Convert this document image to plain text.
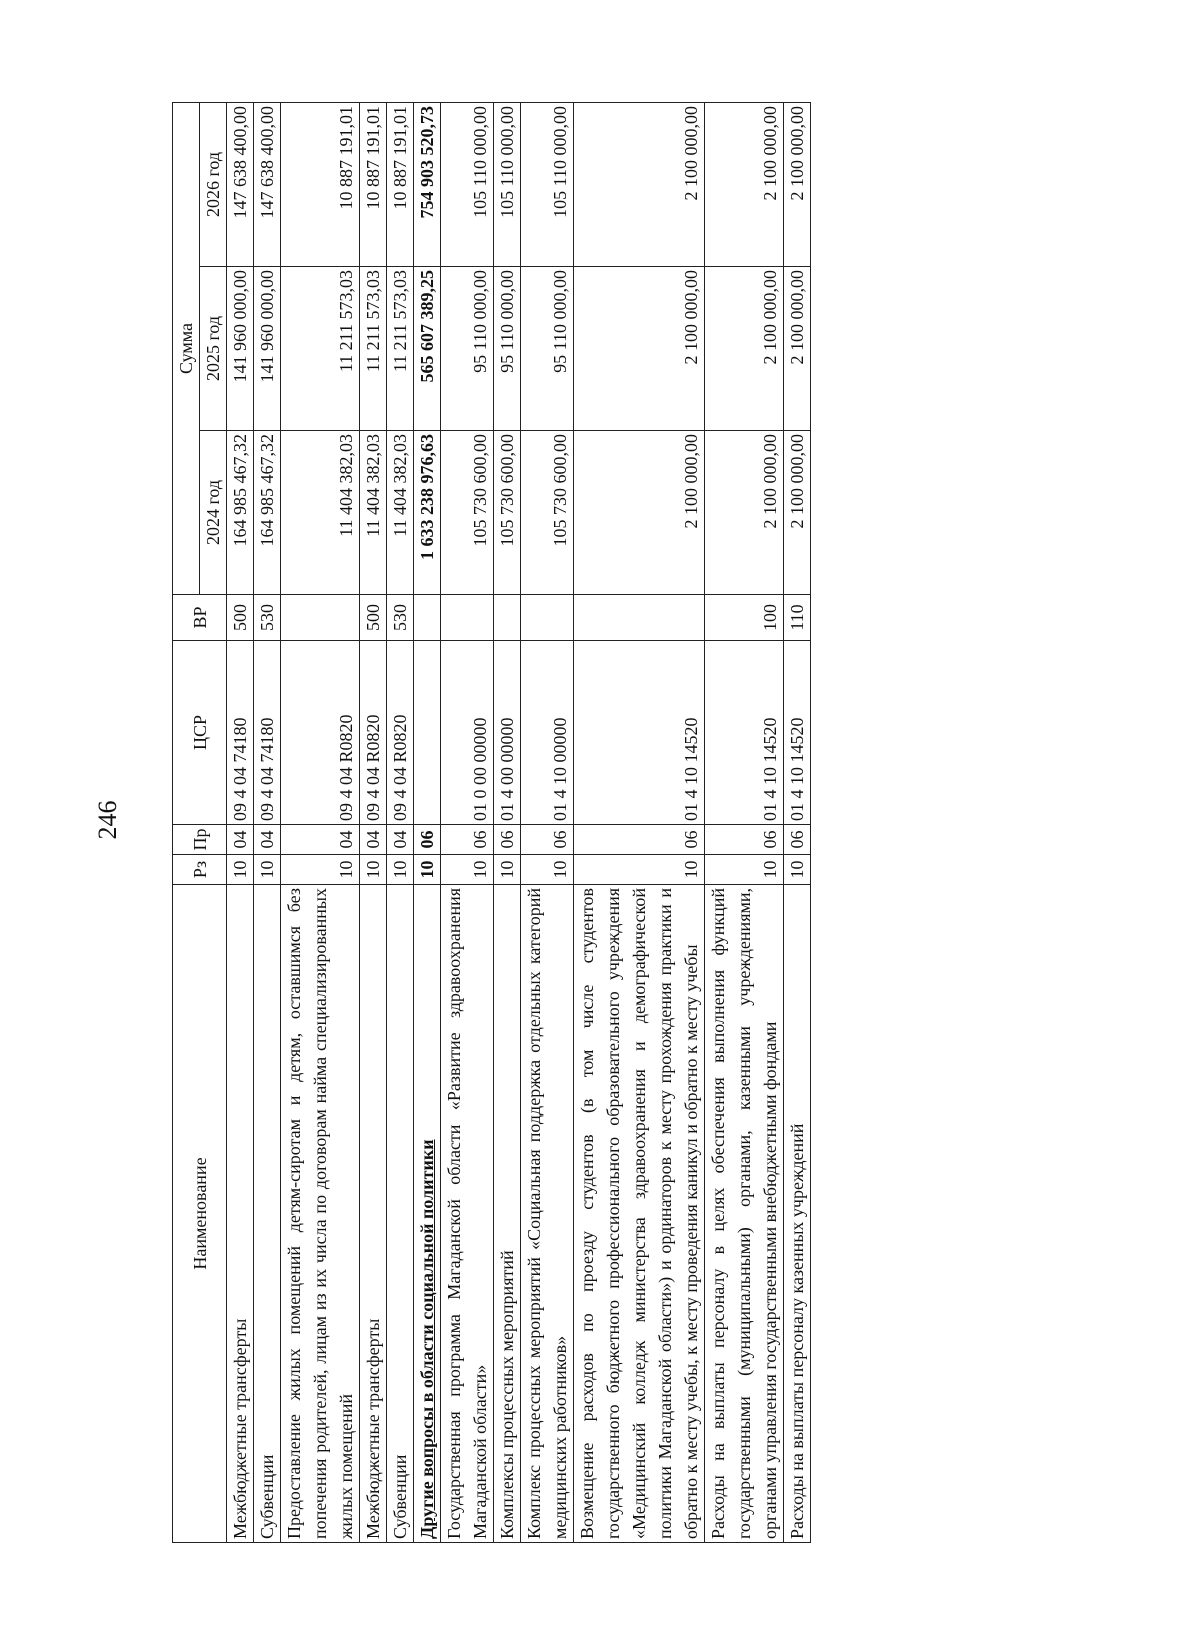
246
Наименование	Рз	Пр	ЦСР	ВР	Сумма		
					2024 год	2025 год	2026 год
Межбюджетные трансферты	10	04	09 4 04 74180	500	164 985 467,32	141 960 000,00	147 638 400,00
Субвенции	10	04	09 4 04 74180	530	164 985 467,32	141 960 000,00	147 638 400,00
Предоставление жилых помещений детям-сиротам и детям, оставшимся без попечения родителей, лицам из их числа по договорам найма специализированных жилых помещений	10	04	09 4 04 R0820		11 404 382,03	11 211 573,03	10 887 191,01
Межбюджетные трансферты	10	04	09 4 04 R0820	500	11 404 382,03	11 211 573,03	10 887 191,01
Субвенции	10	04	09 4 04 R0820	530	11 404 382,03	11 211 573,03	10 887 191,01
Другие вопросы в области социальной политики	10	06			1 633 238 976,63	565 607 389,25	754 903 520,73
Государственная программа Магаданской области «Развитие здравоохранения Магаданской области»	10	06	01 0 00 00000		105 730 600,00	95 110 000,00	105 110 000,00
Комплексы процессных мероприятий	10	06	01 4 00 00000		105 730 600,00	95 110 000,00	105 110 000,00
Комплекс процессных мероприятий «Социальная поддержка отдельных категорий медицинских работников»	10	06	01 4 10 00000		105 730 600,00	95 110 000,00	105 110 000,00
Возмещение расходов по проезду студентов (в том числе студентов государственного бюджетного профессионального образовательного учреждения «Медицинский колледж министерства здравоохранения и демографической политики Магаданской области») и ординаторов к месту прохождения практики и обратно к месту учебы, к месту проведения каникул и обратно к месту учебы	10	06	01 4 10 14520		2 100 000,00	2 100 000,00	2 100 000,00
Расходы на выплаты персоналу в целях обеспечения выполнения функций государственными (муниципальными) органами, казенными учреждениями, органами управления государственными внебюджетными фондами	10	06	01 4 10 14520	100	2 100 000,00	2 100 000,00	2 100 000,00
Расходы на выплаты персоналу казенных учреждений	10	06	01 4 10 14520	110	2 100 000,00	2 100 000,00	2 100 000,00
